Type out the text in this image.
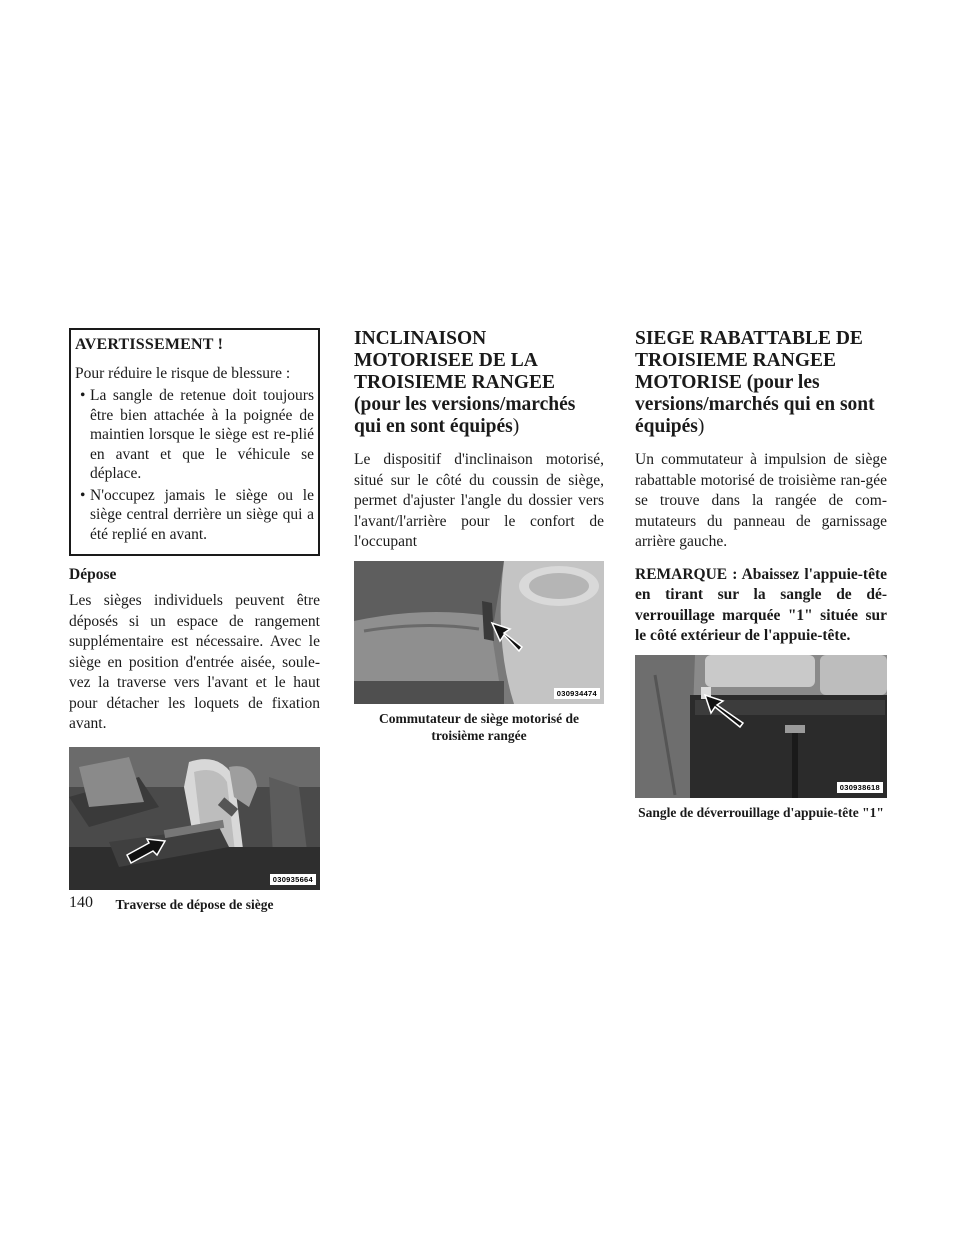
AVERTISSEMENT !

Pour réduire le risque de blessure :

• La sangle de retenue doit toujours être bien attachée à la poignée de maintien lorsque le siège est re-plié en avant et que le véhicule se déplace.
• N'occupez jamais le siège ou le siège central derrière un siège qui a été replié en avant.

Dépose

Les sièges individuels peuvent être déposés si un espace de rangement supplémentaire est nécessaire. Avec le siège en position d'entrée aisée, soule-vez la traverse vers l'avant et le haut pour détacher les loquets de fixation avant.

030935664

Traverse de dépose de siège

INCLINAISON MOTORISEE DE LA TROISIEME RANGEE (pour les versions/marchés qui en sont équipés)

Le dispositif d'inclinaison motorisé, situé sur le côté du coussin de siège, permet d'ajuster l'angle du dossier vers l'avant/l'arrière pour le confort de l'occupant

030934474

Commutateur de siège motorisé de troisième rangée

SIEGE RABATTABLE DE TROISIEME RANGEE MOTORISE (pour les versions/marchés qui en sont équipés)

Un commutateur à impulsion de siège rabattable motorisé de troisième ran-gée se trouve dans la rangée de com-mutateurs du panneau de garnissage arrière gauche.

REMARQUE : Abaissez l'appuie-tête en tirant sur la sangle de dé-verrouillage marquée "1" située sur le côté extérieur de l'appuie-tête.

030938618

Sangle de déverrouillage d'appuie-tête "1"

140
